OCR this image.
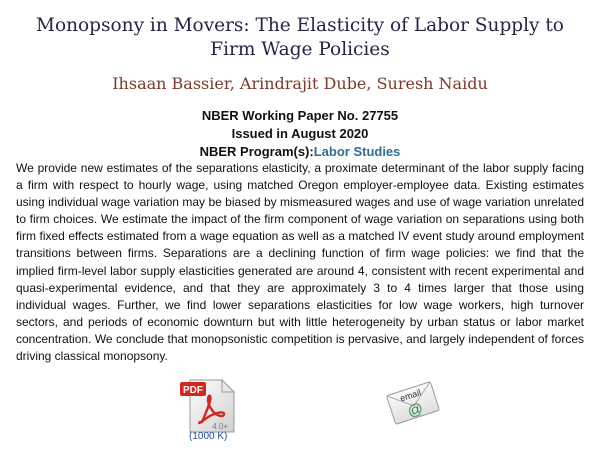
Monopsony in Movers: The Elasticity of Labor Supply to Firm Wage Policies
Ihsaan Bassier, Arindrajit Dube, Suresh Naidu
NBER Working Paper No. 27755
Issued in August 2020
NBER Program(s):Labor Studies

We provide new estimates of the separations elasticity, a proximate determinant of the labor supply facing a firm with respect to hourly wage, using matched Oregon employer-employee data. Existing estimates using individual wage variation may be biased by mismeasured wages and use of wage variation unrelated to firm choices. We estimate the impact of the firm component of wage variation on separations using both firm fixed effects estimated from a wage equation as well as a matched IV event study around employment transitions between firms. Separations are a declining function of firm wage policies: we find that the implied firm-level labor supply elasticities generated are around 4, consistent with recent experimental and quasi-experimental evidence, and that they are approximately 3 to 4 times larger that those using individual wages. Further, we find lower separations elasticities for low wage workers, high turnover sectors, and periods of economic downturn but with little heterogeneity by urban status or labor market concentration. We conclude that monopsonistic competition is pervasive, and largely independent of forces driving classical monopsony.

PDF
4.0+
(1000 K)
email
@
